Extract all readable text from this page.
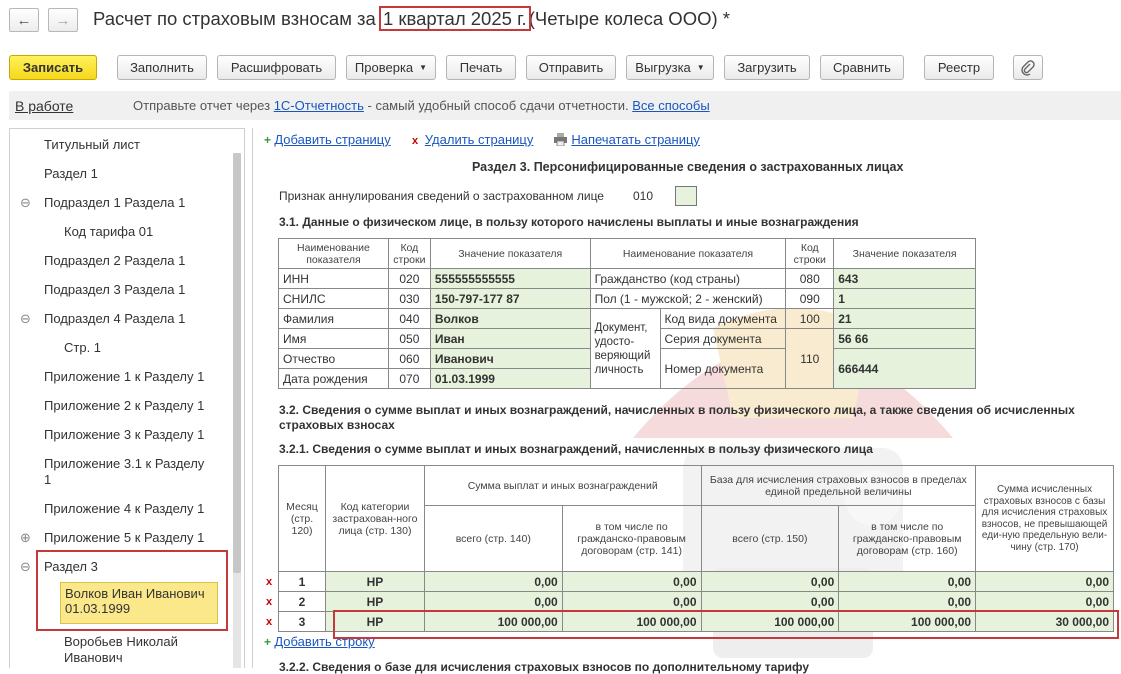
← → Расчет по страховым взносам за 1 квартал 2025 г. (Четыре колеса ООО) *
Записать	Заполнить	Расшифровать	Проверка ▼	Печать	Отправить	Выгрузка ▼	Загрузить	Сравнить	Реестр
В работе	Отправьте отчет через 1С-Отчетность - самый удобный способ сдачи отчетности. Все способы
Титульный лист
Раздел 1
⊖ Подраздел 1 Раздела 1
Код тарифа 01
Подраздел 2 Раздела 1
Подраздел 3 Раздела 1
⊖ Подраздел 4 Раздела 1
Стр. 1
Приложение 1 к Разделу 1
Приложение 2 к Разделу 1
Приложение 3 к Разделу 1
Приложение 3.1 к Разделу
1
Приложение 4 к Разделу 1
⊕ Приложение 5 к Разделу 1
⊖ Раздел 3
Волков Иван Иванович
01.03.1999
Воробьев Николай
Иванович
+ Добавить страницу x Удалить страницу	Напечатать страницу
Раздел 3. Персонифицированные сведения о застрахованных лицах
Признак аннулирования сведений о застрахованном лице 010
3.1. Данные о физическом лице, в пользу которого начислены выплаты и иные вознаграждения
Наименование показателя	Код строки	Значение показателя	Наименование показателя		Код строки	Значение показателя
ИНН	020	555555555555	Гражданство (код страны)		080	643
СНИЛС	030	150-797-177 87	Пол (1 - мужской; 2 - женский)		090	1
Фамилия	040	Волков	Документ, удосто-веряющий личность	Код вида документа	100	21
Имя	050	Иван		Серия документа	110	56 66
Отчество	060	Иванович		Номер документа		666444
Дата рождения	070	01.03.1999				
3.2. Сведения о сумме выплат и иных вознаграждений, начисленных в пользу физического лица, а также сведения об исчисленных
страховых взносах
3.2.1. Сведения о сумме выплат и иных вознаграждений, начисленных в пользу физического лица
Месяц (стр. 120)	Код категории застрахован-ного лица (стр. 130)	Сумма выплат и иных вознаграждений		База для исчисления страховых взносов в пределах единой предельной величины		Сумма исчисленных страховых взносов с базы для исчисления страховых взносов, не превышающей еди-ную предельную вели-чину (стр. 170)
		всего (стр. 140)	в том числе по гражданско-правовым договорам (стр. 141)	всего (стр. 150)	в том числе по гражданско-правовым договорам (стр. 160)	
1	НР	0,00	0,00	0,00	0,00	0,00
2	НР	0,00	0,00	0,00	0,00	0,00
3	НР	100 000,00	100 000,00	100 000,00	100 000,00	30 000,00
x
x
x
+ Добавить строку
3.2.2. Сведения о базе для исчисления страховых взносов по дополнительному тарифу
